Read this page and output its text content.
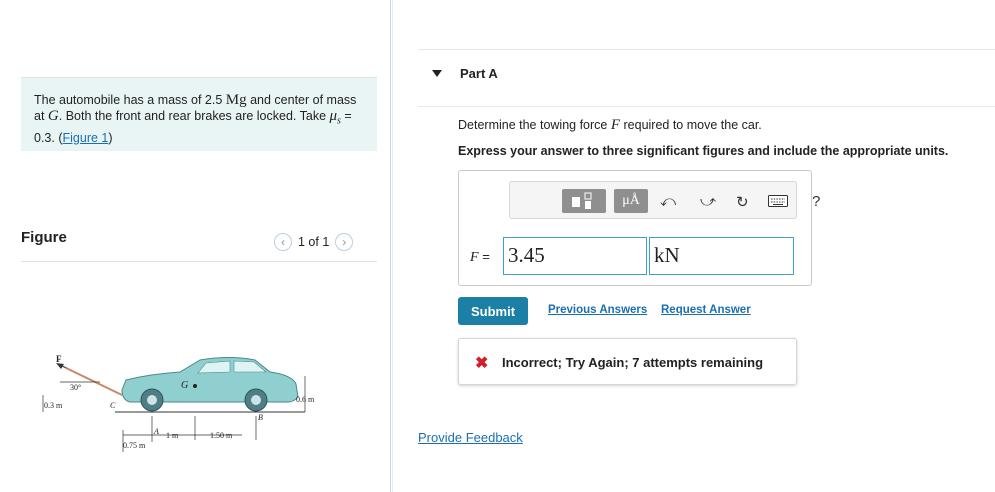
The automobile has a mass of 2.5 Mg and center of mass at G. Both the front and rear brakes are locked. Take $\mu_s = 0.3$. (Figure 1)
Figure	‹	1 of 1	›
F
30°	G
0.3 m	C
A
B
0.6 m
1 m	1.50 m
0.75 m
Part A
Determine the towing force F required to move the car.
Express your answer to three significant figures and include the appropriate units.
μÅ	⤺ ⤻ ↻	?
F = 3.45	kN
Submit	Previous Answers Request Answer
✖ Incorrect; Try Again; 7 attempts remaining
Provide Feedback
